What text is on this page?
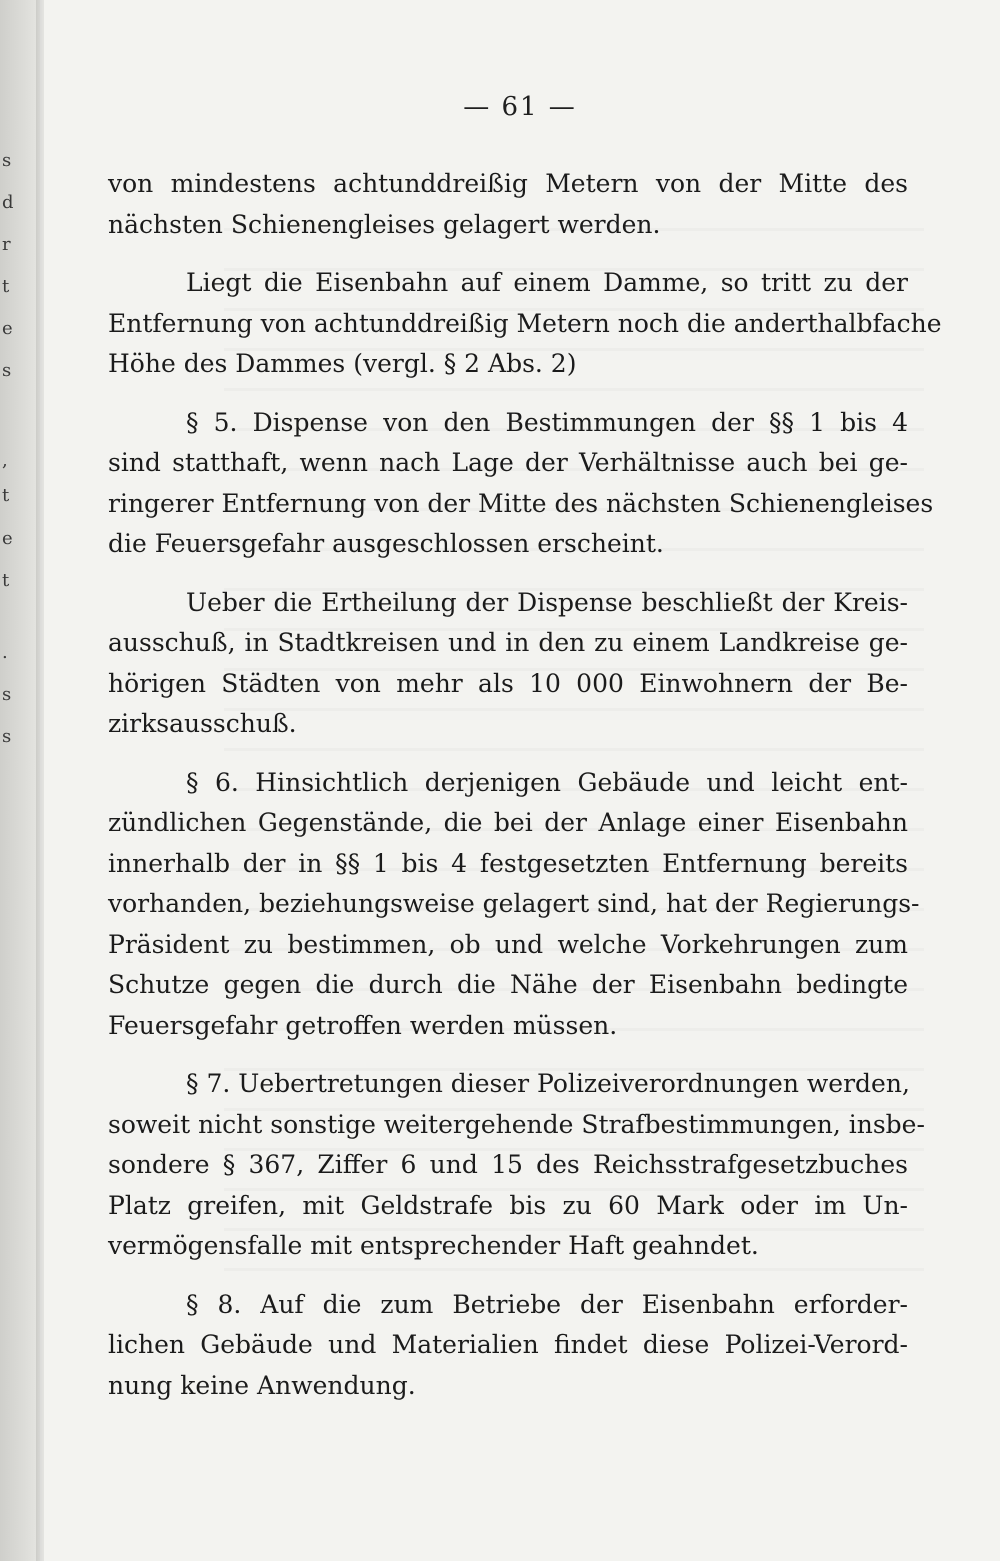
s
d
r
t
e
s
,
t
e
t
.
s
s
— 61 —

von mindestens achtunddreißig Metern von der Mitte des
nächsten Schienengleises gelagert werden.

Liegt die Eisenbahn auf einem Damme, so tritt zu der
Entfernung von achtunddreißig Metern noch die anderthalbfache
Höhe des Dammes (vergl. § 2 Abs. 2)

§ 5. Dispense von den Bestimmungen der §§ 1 bis 4
sind statthaft, wenn nach Lage der Verhältnisse auch bei ge-
ringerer Entfernung von der Mitte des nächsten Schienengleises
die Feuersgefahr ausgeschlossen erscheint.

Ueber die Ertheilung der Dispense beschließt der Kreis-
ausschuß, in Stadtkreisen und in den zu einem Landkreise ge-
hörigen Städten von mehr als 10 000 Einwohnern der Be-
zirksausschuß.

§ 6. Hinsichtlich derjenigen Gebäude und leicht ent-
zündlichen Gegenstände, die bei der Anlage einer Eisenbahn
innerhalb der in §§ 1 bis 4 festgesetzten Entfernung bereits
vorhanden, beziehungsweise gelagert sind, hat der Regierungs-
Präsident zu bestimmen, ob und welche Vorkehrungen zum
Schutze gegen die durch die Nähe der Eisenbahn bedingte
Feuersgefahr getroffen werden müssen.

§ 7. Uebertretungen dieser Polizeiverordnungen werden,
soweit nicht sonstige weitergehende Strafbestimmungen, insbe-
sondere § 367, Ziffer 6 und 15 des Reichsstrafgesetzbuches
Platz greifen, mit Geldstrafe bis zu 60 Mark oder im Un-
vermögensfalle mit entsprechender Haft geahndet.

§ 8. Auf die zum Betriebe der Eisenbahn erforder-
lichen Gebäude und Materialien findet diese Polizei-Verord-
nung keine Anwendung.
